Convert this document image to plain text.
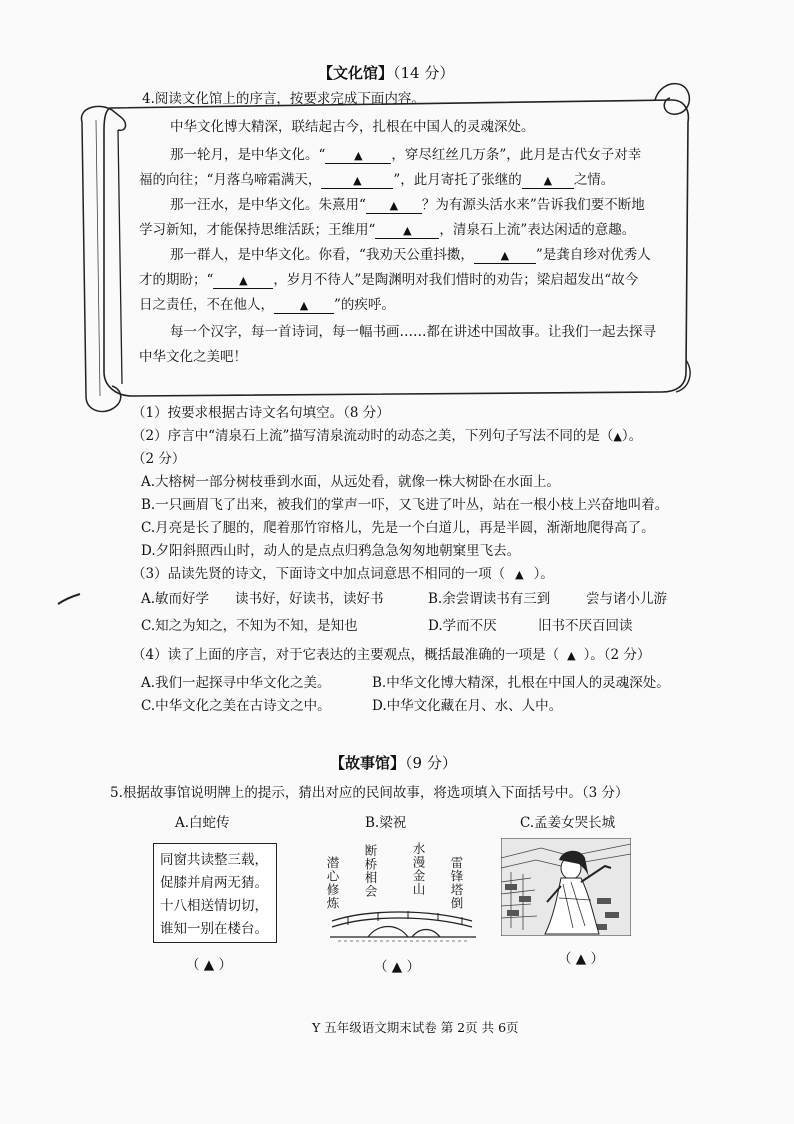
【文化馆】（14 分）
4.阅读文化馆上的序言，按要求完成下面内容。
中华文化博大精深，联结起古今，扎根在中国人的灵魂深处。
那一轮月，是中华文化。“	▲ ，穿尽红丝几万条”，此月是古代女子对幸
福的向往；“月落乌啼霜满天，	▲ ”，此月寄托了张继的 ▲ 之情。
那一汪水，是中华文化。朱熹用“ ▲ ？为有源头活水来”告诉我们要不断地
学习新知，才能保持思维活跃；王维用“	▲ ，清泉石上流”表达闲适的意趣。
那一群人，是中华文化。你看，“我劝天公重抖擞， ▲ ”是龚自珍对优秀人
才的期盼；“ ▲ ，岁月不待人”是陶渊明对我们惜时的劝告；梁启超发出“故今
日之责任，不在他人， ▲ ”的疾呼。
每一个汉字，每一首诗词，每一幅书画……都在讲述中国故事。让我们一起去探寻
中华文化之美吧！
（1）按要求根据古诗文名句填空。（8 分）
（2）序言中“清泉石上流”描写清泉流动时的动态之美，下列句子写法不同的是（▲）。
（2 分）
A.大榕树一部分树枝垂到水面，从远处看，就像一株大树卧在水面上。
B.一只画眉飞了出来，被我们的掌声一吓，又飞进了叶丛，站在一根小枝上兴奋地叫着。
C.月亮是长了腿的，爬着那竹帘格儿，先是一个白道儿，再是半圆，渐渐地爬得高了。
D.夕阳斜照西山时，动人的是点点归鸦急急匆匆地朝窠里飞去。
（3）品读先贤的诗文，下面诗文中加点词意思不相同的一项（ ▲ ）。
A.敏而好学 读书好，好读书，读好书	B.余尝谓读书有三到	尝与诸小儿游
C.知之为知之，不知为不知，是知也	D.学而不厌	旧书不厌百回读
（4）读了上面的序言，对于它表达的主要观点，概括最准确的一项是（ ▲ ）。（2 分）
A.我们一起探寻中华文化之美。	B.中华文化博大精深，扎根在中国人的灵魂深处。
C.中华文化之美在古诗文之中。	D.中华文化藏在月、水、人中。
【故事馆】（9 分）
5.根据故事馆说明牌上的提示，猜出对应的民间故事，将选项填入下面括号中。（3 分）
A.白蛇传	B.梁祝	C.孟姜女哭长城
同窗共读整三载，
促膝并肩两无猜。
十八相送情切切，
谁知一别在楼台。
潜心修炼 断桥相会	水漫金山 雷锋塔倒
（ ▲ ）	（ ▲ ）	（ ▲ ）
Y 五年级语文期末试卷 第 2页 共 6页
